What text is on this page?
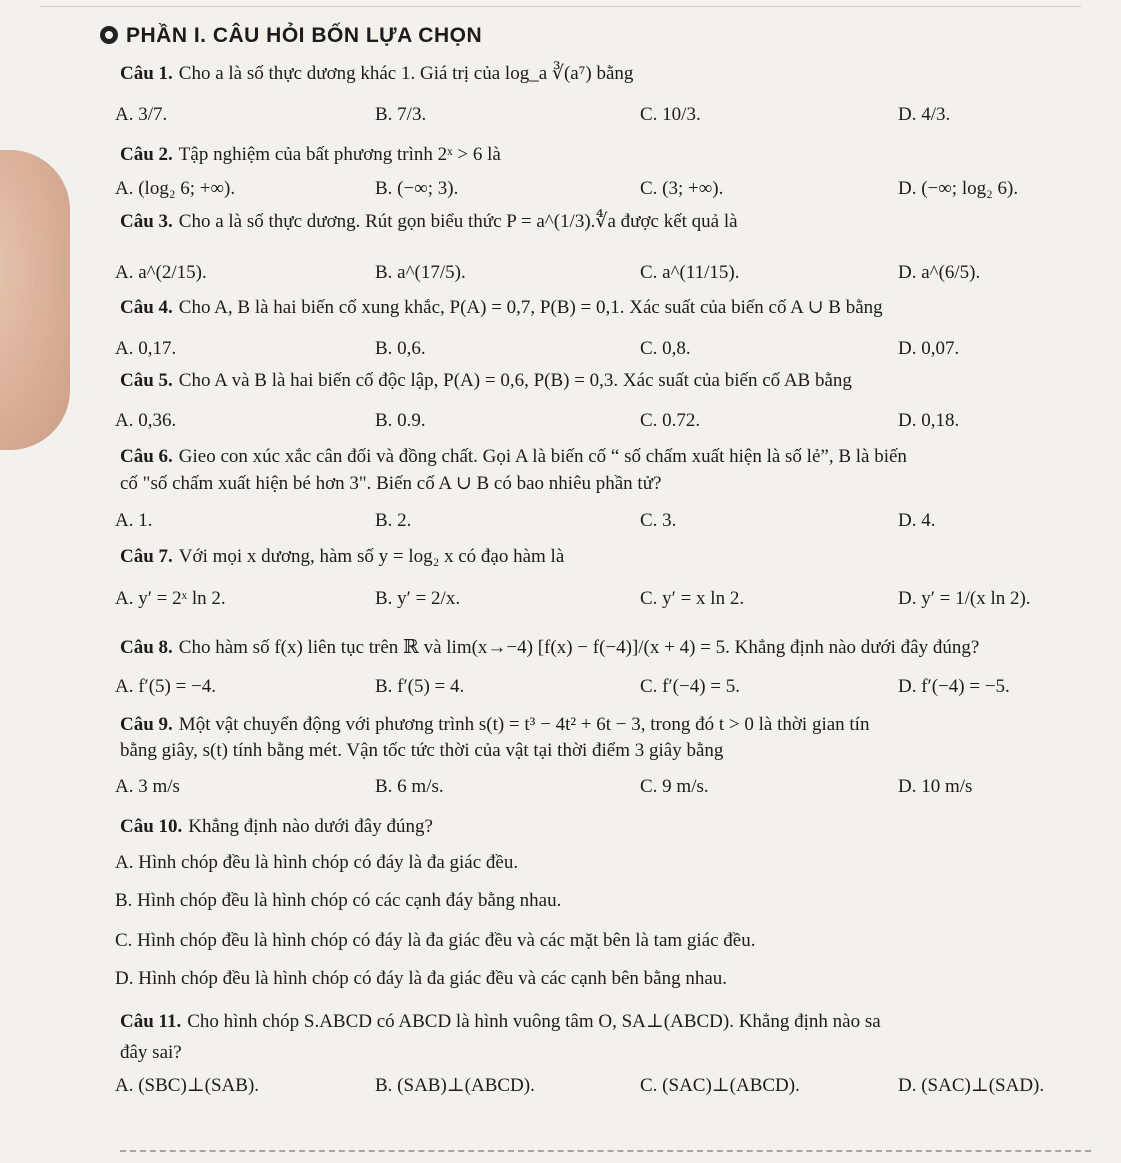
PHẦN I. CÂU HỎI BỐN LỰA CHỌN
Câu 1. Cho a là số thực dương khác 1. Giá trị của log_a ∛(a⁷) bằng
A. 3/7.	B. 7/3.	C. 10/3.	D. 4/3.
Câu 2. Tập nghiệm của bất phương trình 2ˣ > 6 là
A. (log₂ 6; +∞).	B. (−∞; 3).	C. (3; +∞).	D. (−∞; log₂ 6).
Câu 3. Cho a là số thực dương. Rút gọn biểu thức P = a^(1/3).∜a được kết quả là
A. a^(2/15).	B. a^(17/5).	C. a^(11/15).	D. a^(6/5).
Câu 4. Cho A, B là hai biến cố xung khắc, P(A) = 0,7, P(B) = 0,1. Xác suất của biến cố A ∪ B bằng
A. 0,17.	B. 0,6.	C. 0,8.	D. 0,07.
Câu 5. Cho A và B là hai biến cố độc lập, P(A) = 0,6, P(B) = 0,3. Xác suất của biến cố AB bằng
A. 0,36.	B. 0.9.	C. 0.72.	D. 0,18.
Câu 6. Gieo con xúc xắc cân đối và đồng chất. Gọi A là biến cố “ số chấm xuất hiện là số lẻ”, B là biến
cố "số chấm xuất hiện bé hơn 3". Biến cố A ∪ B có bao nhiêu phần tử?
A. 1.	B. 2.	C. 3.	D. 4.
Câu 7. Với mọi x dương, hàm số y = log₂ x có đạo hàm là
A. y′ = 2ˣ ln 2.	B. y′ = 2/x.	C. y′ = x ln 2.	D. y′ = 1/(x ln 2).
Câu 8. Cho hàm số f(x) liên tục trên ℝ và lim(x→−4) [f(x) − f(−4)]/(x + 4) = 5. Khẳng định nào dưới đây đúng?
A. f′(5) = −4.	B. f′(5) = 4.	C. f′(−4) = 5.	D. f′(−4) = −5.
Câu 9. Một vật chuyển động với phương trình s(t) = t³ − 4t² + 6t − 3, trong đó t > 0 là thời gian tín
bằng giây, s(t) tính bằng mét. Vận tốc tức thời của vật tại thời điểm 3 giây bằng
A. 3 m/s	B. 6 m/s.	C. 9 m/s.	D. 10 m/s
Câu 10. Khẳng định nào dưới đây đúng?
A. Hình chóp đều là hình chóp có đáy là đa giác đều.
B. Hình chóp đều là hình chóp có các cạnh đáy bằng nhau.
C. Hình chóp đều là hình chóp có đáy là đa giác đều và các mặt bên là tam giác đều.
D. Hình chóp đều là hình chóp có đáy là đa giác đều và các cạnh bên bằng nhau.
Câu 11. Cho hình chóp S.ABCD có ABCD là hình vuông tâm O, SA⊥(ABCD). Khẳng định nào sa
đây sai?
A. (SBC)⊥(SAB).	B. (SAB)⊥(ABCD).	C. (SAC)⊥(ABCD).	D. (SAC)⊥(SAD).
